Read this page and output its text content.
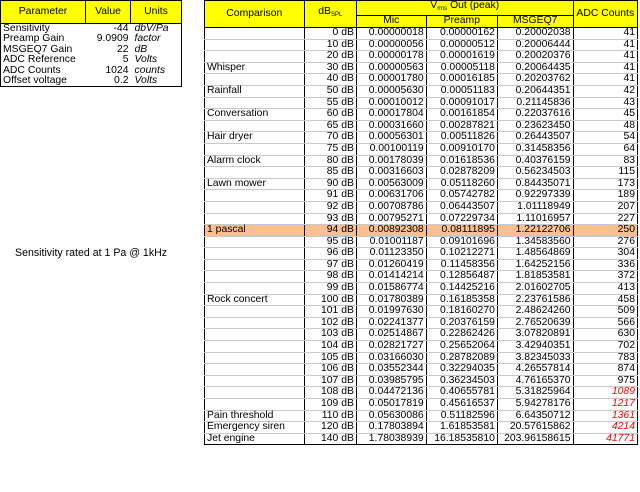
Parameter	Value	Units
Sensitivity	-44	dbV/Pa
Preamp Gain	9.0909	factor
MSGEQ7 Gain	22	dB
ADC Reference	5	Volts
ADC Counts	1024	counts
Offset voltage	0.2	Volts
Sensitivity rated at 1 Pa @ 1kHz
Comparison	$dB_{SPL}$	$V_{rms}$ Out (peak)			ADC Counts
		Mic	Preamp	MSGEQ7	
	0 dB	0.00000018	0.00000162	0.20002038	41
	10 dB	0.00000056	0.00000512	0.20006444	41
	20 dB	0.00000178	0.00001619	0.20020376	41
Whisper	30 dB	0.00000563	0.00005118	0.20064435	41
	40 dB	0.00001780	0.00016185	0.20203762	41
Rainfall	50 dB	0.00005630	0.00051183	0.20644351	42
	55 dB	0.00010012	0.00091017	0.21145836	43
Conversation	60 dB	0.00017804	0.00161854	0.22037616	45
	65 dB	0.00031660	0.00287821	0.23623450	48
Hair dryer	70 dB	0.00056301	0.00511826	0.26443507	54
	75 dB	0.00100119	0.00910170	0.31458356	64
Alarm clock	80 dB	0.00178039	0.01618536	0.40376159	83
	85 dB	0.00316603	0.02878209	0.56234503	115
Lawn mower	90 dB	0.00563009	0.05118260	0.84435071	173
	91 dB	0.00631706	0.05742782	0.92297339	189
	92 dB	0.00708786	0.06443507	1.01118949	207
	93 dB	0.00795271	0.07229734	1.11016957	227
1 pascal	94 dB	0.00892308	0.08111895	1.22122706	250
	95 dB	0.01001187	0.09101696	1.34583560	276
	96 dB	0.01123350	0.10212271	1.48564869	304
	97 dB	0.01260419	0.11458356	1.64252156	336
	98 dB	0.01414214	0.12856487	1.81853581	372
	99 dB	0.01586774	0.14425216	2.01602705	413
Rock concert	100 dB	0.01780389	0.16185358	2.23761586	458
	101 dB	0.01997630	0.18160270	2.48624260	509
	102 dB	0.02241377	0.20376159	2.76520639	566
	103 dB	0.02514867	0.22862426	3.07820891	630
	104 dB	0.02821727	0.25652064	3.42940351	702
	105 dB	0.03166030	0.28782089	3.82345033	783
	106 dB	0.03552344	0.32294035	4.26557814	874
	107 dB	0.03985795	0.36234503	4.76165370	975
	108 dB	0.04472136	0.40655781	5.31825964	1089
	109 dB	0.05017819	0.45616537	5.94278176	1217
Pain threshold	110 dB	0.05630086	0.51182596	6.64350712	1361
Emergency siren	120 dB	0.17803894	1.61853581	20.57615862	4214
Jet engine	140 dB	1.78038939	16.18535810	203.96158615	41771
